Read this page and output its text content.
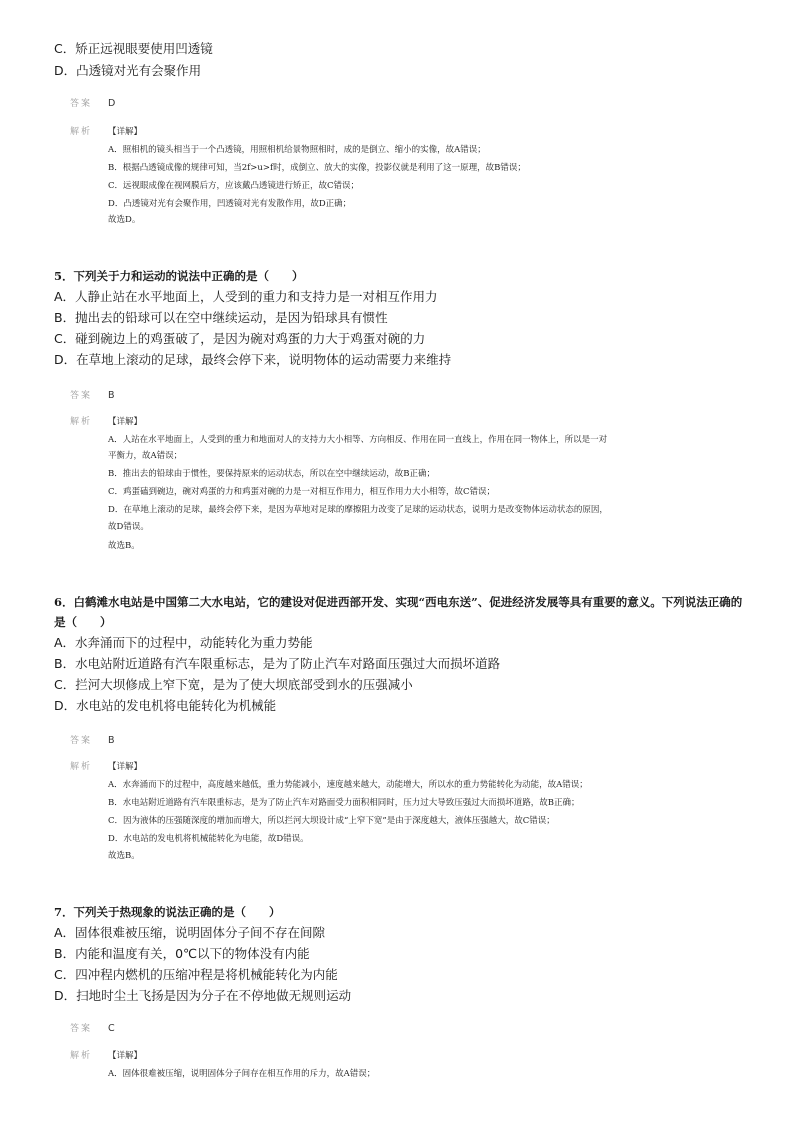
C．矫正远视眼要使用凹透镜
D．凸透镜对光有会聚作用
答案 D
解析 【详解】
A．照相机的镜头相当于一个凸透镜，用照相机给景物照相时，成的是倒立、缩小的实像，故A错误；
B．根据凸透镜成像的规律可知，当2f>u>f时，成倒立、放大的实像，投影仪就是利用了这一原理，故B错误；
C．远视眼成像在视网膜后方，应该戴凸透镜进行矫正，故C错误；
D．凸透镜对光有会聚作用，凹透镜对光有发散作用，故D正确；
故选D。
5．下列关于力和运动的说法中正确的是（　　）
A．人静止站在水平地面上，人受到的重力和支持力是一对相互作用力
B．抛出去的铅球可以在空中继续运动，是因为铅球具有惯性
C．碰到碗边上的鸡蛋破了，是因为碗对鸡蛋的力大于鸡蛋对碗的力
D．在草地上滚动的足球，最终会停下来，说明物体的运动需要力来维持
答案 B
解析 【详解】
A．人站在水平地面上，人受到的重力和地面对人的支持力大小相等、方向相反、作用在同一直线上，作用在同一物体上，所以是一对
平衡力，故A错误；
B．推出去的铅球由于惯性，要保持原来的运动状态，所以在空中继续运动，故B正确；
C．鸡蛋磕到碗边，碗对鸡蛋的力和鸡蛋对碗的力是一对相互作用力，相互作用力大小相等，故C错误；
D．在草地上滚动的足球，最终会停下来，是因为草地对足球的摩擦阻力改变了足球的运动状态，说明力是改变物体运动状态的原因，
故D错误。
故选B。
6．白鹤滩水电站是中国第二大水电站，它的建设对促进西部开发、实现“西电东送”、促进经济发展等具有重要的意义。下列说法正确的是（　　）
A．水奔涌而下的过程中，动能转化为重力势能
B．水电站附近道路有汽车限重标志，是为了防止汽车对路面压强过大而损坏道路
C．拦河大坝修成上窄下宽，是为了使大坝底部受到水的压强减小
D．水电站的发电机将电能转化为机械能
答案 B
解析 【详解】
A．水奔涌而下的过程中，高度越来越低，重力势能减小，速度越来越大，动能增大，所以水的重力势能转化为动能，故A错误；
B．水电站附近道路有汽车限重标志，是为了防止汽车对路面受力面积相同时，压力过大导致压强过大而损坏道路，故B正确；
C．因为液体的压强随深度的增加而增大，所以拦河大坝设计成“上窄下宽”是由于深度越大，液体压强越大，故C错误；
D．水电站的发电机将机械能转化为电能，故D错误。
故选B。
7．下列关于热现象的说法正确的是（　　）
A．固体很难被压缩，说明固体分子间不存在间隙
B．内能和温度有关，0℃以下的物体没有内能
C．四冲程内燃机的压缩冲程是将机械能转化为内能
D．扫地时尘土飞扬是因为分子在不停地做无规则运动
答案 C
解析 【详解】
A．固体很难被压缩，说明固体分子间存在相互作用的斥力，故A错误；
